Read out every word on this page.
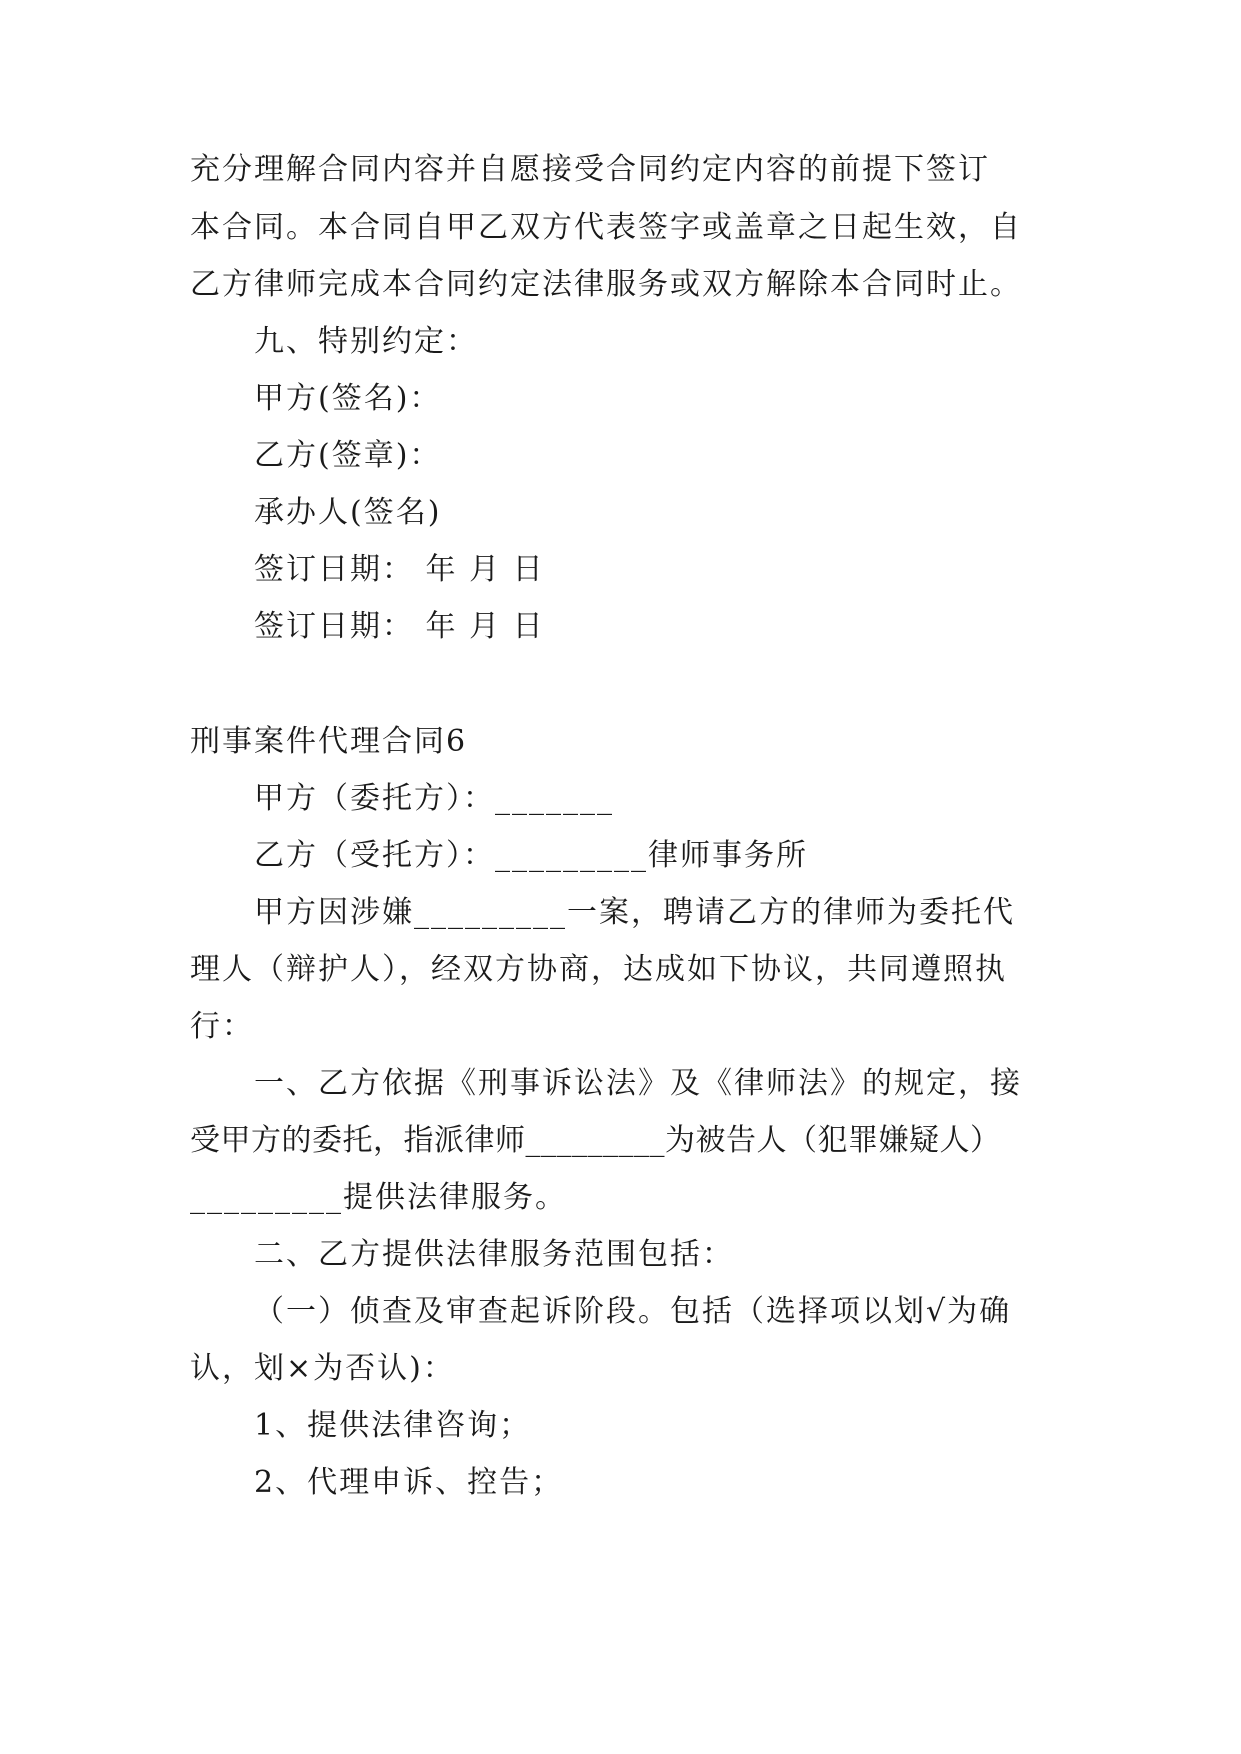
充分理解合同内容并自愿接受合同约定内容的前提下签订
本合同。本合同自甲乙双方代表签字或盖章之日起生效，自
乙方律师完成本合同约定法律服务或双方解除本合同时止。
九、特别约定：
甲方(签名)：
乙方(签章)：
承办人(签名)
签订日期： 年 月 日
签订日期： 年 月 日
刑事案件代理合同6
甲方（委托方）：_______
乙方（受托方）：_________律师事务所
甲方因涉嫌_________一案，聘请乙方的律师为委托代
理人（辩护人），经双方协商，达成如下协议，共同遵照执
行：
一、乙方依据《刑事诉讼法》及《律师法》的规定，接
受甲方的委托，指派律师_________为被告人（犯罪嫌疑人）
_________提供法律服务。
二、乙方提供法律服务范围包括：
（一）侦查及审查起诉阶段。包括（选择项以划√为确
认，划×为否认)：
1、提供法律咨询；
2、代理申诉、控告；
